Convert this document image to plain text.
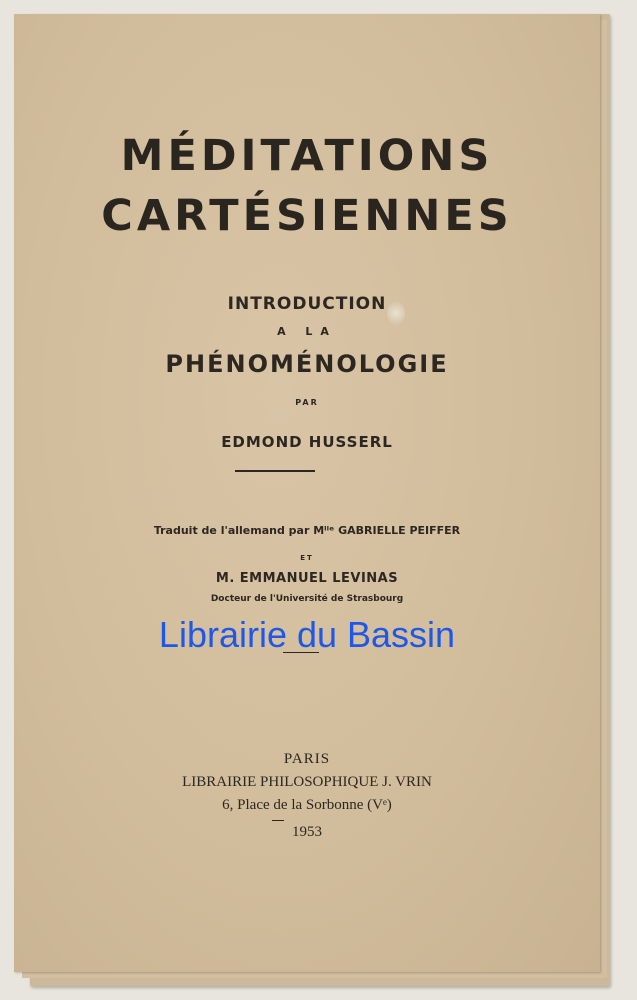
MÉDITATIONS
CARTÉSIENNES
INTRODUCTION
A LA
PHÉNOMÉNOLOGIE
PAR
EDMOND HUSSERL
Traduit de l'allemand par Mˡˡᵉ GABRIELLE PEIFFER
ET
M. EMMANUEL LEVINAS
Docteur de l'Université de Strasbourg
PARIS
LIBRAIRIE PHILOSOPHIQUE J. VRIN
6, Place de la Sorbonne (Vᵉ)
1953
Librairie du Bassin
